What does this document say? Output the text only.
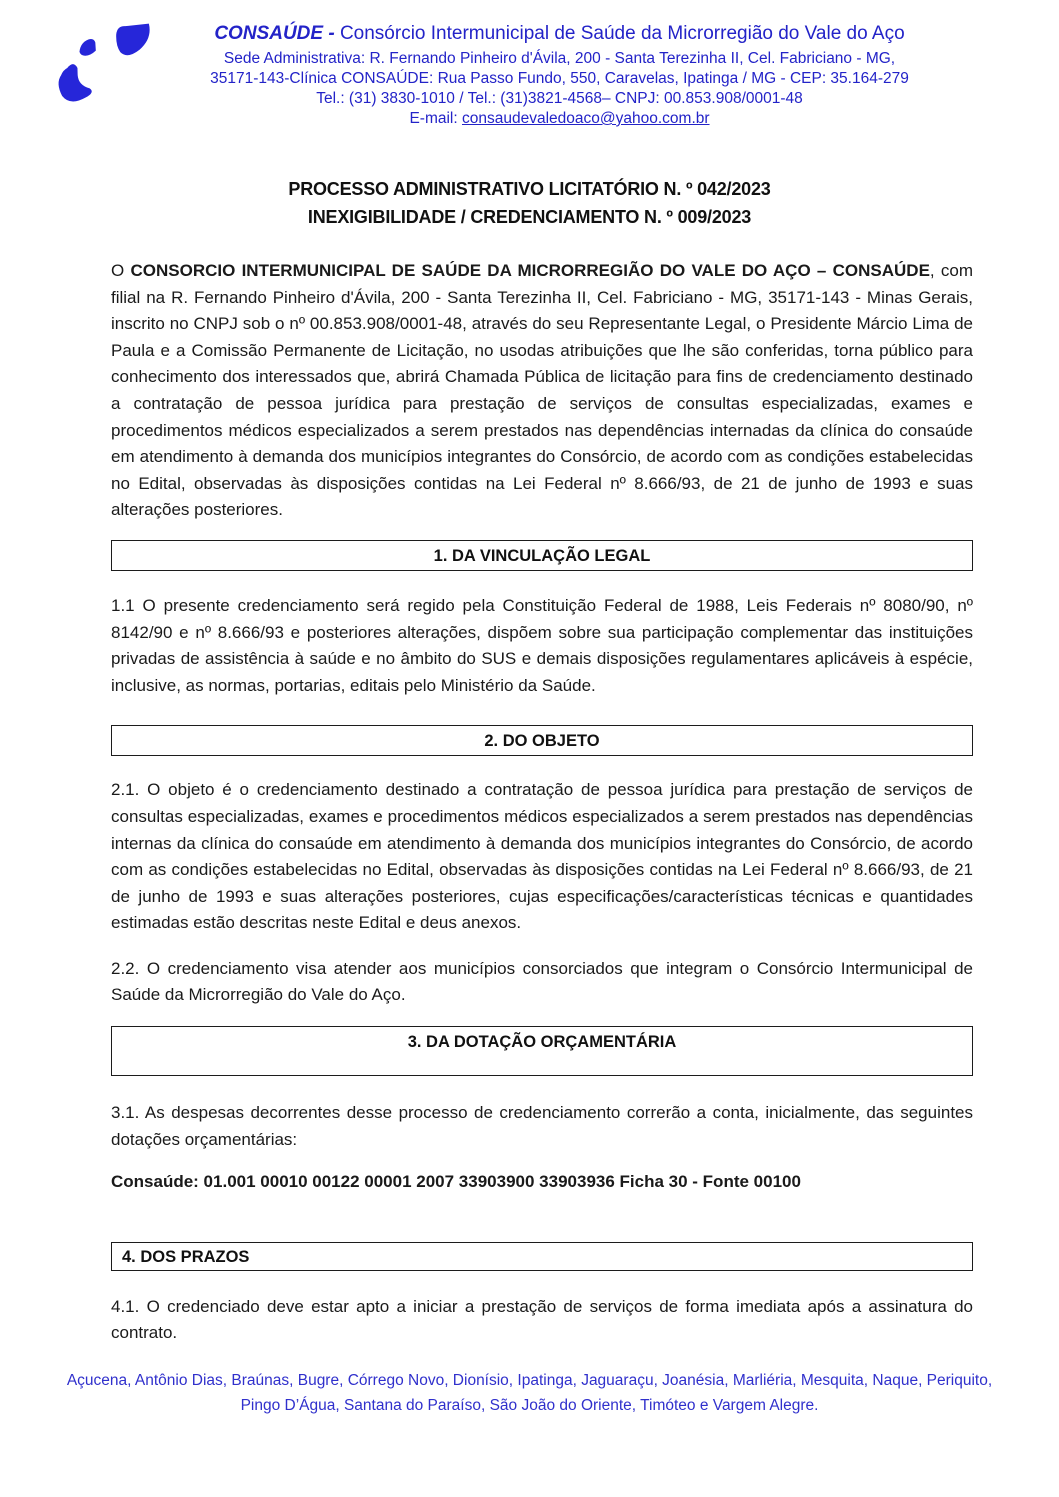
CONSAÚDE - Consórcio Intermunicipal de Saúde da Microrregião do Vale do Aço
Sede Administrativa: R. Fernando Pinheiro d'Ávila, 200 - Santa Terezinha II, Cel. Fabriciano - MG,
35171-143-Clínica CONSAÚDE: Rua Passo Fundo, 550, Caravelas, Ipatinga / MG - CEP: 35.164-279
Tel.: (31) 3830-1010 / Tel.: (31)3821-4568– CNPJ: 00.853.908/0001-48
E-mail: consaudevaledoaco@yahoo.com.br
PROCESSO ADMINISTRATIVO LICITATÓRIO N. º 042/2023
INEXIGIBILIDADE / CREDENCIAMENTO N. º 009/2023

O CONSORCIO INTERMUNICIPAL DE SAÚDE DA MICRORREGIÃO DO VALE DO AÇO – CONSAÚDE, com filial na R. Fernando Pinheiro d'Ávila, 200 - Santa Terezinha II, Cel. Fabriciano - MG, 35171-143 - Minas Gerais, inscrito no CNPJ sob o nº 00.853.908/0001-48, através do seu Representante Legal, o Presidente Márcio Lima de Paula e a Comissão Permanente de Licitação, no usodas atribuições que lhe são conferidas, torna público para conhecimento dos interessados que, abrirá Chamada Pública de licitação para fins de credenciamento destinado a contratação de pessoa jurídica para prestação de serviços de consultas especializadas, exames e procedimentos médicos especializados a serem prestados nas dependências internadas da clínica do consaúde em atendimento à demanda dos municípios integrantes do Consórcio, de acordo com as condições estabelecidas no Edital, observadas às disposições contidas na Lei Federal nº 8.666/93, de 21 de junho de 1993 e suas alterações posteriores.

1. DA VINCULAÇÃO LEGAL

1.1 O presente credenciamento será regido pela Constituição Federal de 1988, Leis Federais nº 8080/90, nº 8142/90 e nº 8.666/93 e posteriores alterações, dispõem sobre sua participação complementar das instituições privadas de assistência à saúde e no âmbito do SUS e demais disposições regulamentares aplicáveis à espécie, inclusive, as normas, portarias, editais pelo Ministério da Saúde.

2. DO OBJETO

2.1. O objeto é o credenciamento destinado a contratação de pessoa jurídica para prestação de serviços de consultas especializadas, exames e procedimentos médicos especializados a serem prestados nas dependências internas da clínica do consaúde em atendimento à demanda dos municípios integrantes do Consórcio, de acordo com as condições estabelecidas no Edital, observadas às disposições contidas na Lei Federal nº 8.666/93, de 21 de junho de 1993 e suas alterações posteriores, cujas especificações/características técnicas e quantidades estimadas estão descritas neste Edital e deus anexos.

2.2. O credenciamento visa atender aos municípios consorciados que integram o Consórcio Intermunicipal de Saúde da Microrregião do Vale do Aço.

3. DA DOTAÇÃO ORÇAMENTÁRIA

3.1. As despesas decorrentes desse processo de credenciamento correrão a conta, inicialmente, das seguintes dotações orçamentárias:

Consaúde: 01.001 00010 00122 00001 2007 33903900 33903936 Ficha 30 - Fonte 00100

4. DOS PRAZOS

4.1. O credenciado deve estar apto a iniciar a prestação de serviços de forma imediata após a assinatura do contrato.

Açucena, Antônio Dias, Braúnas, Bugre, Córrego Novo, Dionísio, Ipatinga, Jaguaraçu, Joanésia, Marliéria, Mesquita, Naque, Periquito,
Pingo D’Água, Santana do Paraíso, São João do Oriente, Timóteo e Vargem Alegre.
